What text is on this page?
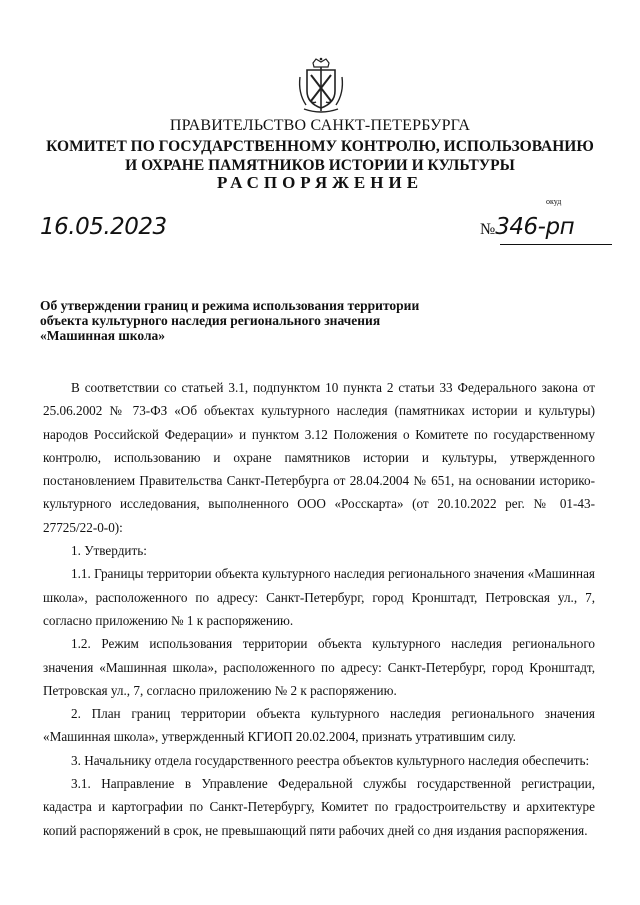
ПРАВИТЕЛЬСТВО САНКТ-ПЕТЕРБУРГА
КОМИТЕТ ПО ГОСУДАРСТВЕННОМУ КОНТРОЛЮ, ИСПОЛЬЗОВАНИЮ
И ОХРАНЕ ПАМЯТНИКОВ ИСТОРИИ И КУЛЬТУРЫ
РАСПОРЯЖЕНИЕ
окуд
16.05.2023	№346-рп
Об утверждении границ и режима использования территории
объекта культурного наследия регионального значения
«Машинная школа»

В соответствии со статьей 3.1, подпунктом 10 пункта 2 статьи 33 Федерального закона от 25.06.2002 № 73-ФЗ «Об объектах культурного наследия (памятниках истории и культуры) народов Российской Федерации» и пунктом 3.12 Положения о Комитете по государственному контролю, использованию и охране памятников истории и культуры, утвержденного постановлением Правительства Санкт-Петербурга от 28.04.2004 № 651, на основании историко-культурного исследования, выполненного ООО «Росскарта» (от 20.10.2022 рег. № 01-43-27725/22-0-0):

1. Утвердить:

1.1. Границы территории объекта культурного наследия регионального значения «Машинная школа», расположенного по адресу: Санкт-Петербург, город Кронштадт, Петровская ул., 7, согласно приложению № 1 к распоряжению.

1.2. Режим использования территории объекта культурного наследия регионального значения «Машинная школа», расположенного по адресу: Санкт-Петербург, город Кронштадт, Петровская ул., 7, согласно приложению № 2 к распоряжению.

2. План границ территории объекта культурного наследия регионального значения «Машинная школа», утвержденный КГИОП 20.02.2004, признать утратившим силу.

3. Начальнику отдела государственного реестра объектов культурного наследия обеспечить:

3.1. Направление в Управление Федеральной службы государственной регистрации, кадастра и картографии по Санкт-Петербургу, Комитет по градостроительству и архитектуре копий распоряжений в срок, не превышающий пяти рабочих дней со дня издания распоряжения.
